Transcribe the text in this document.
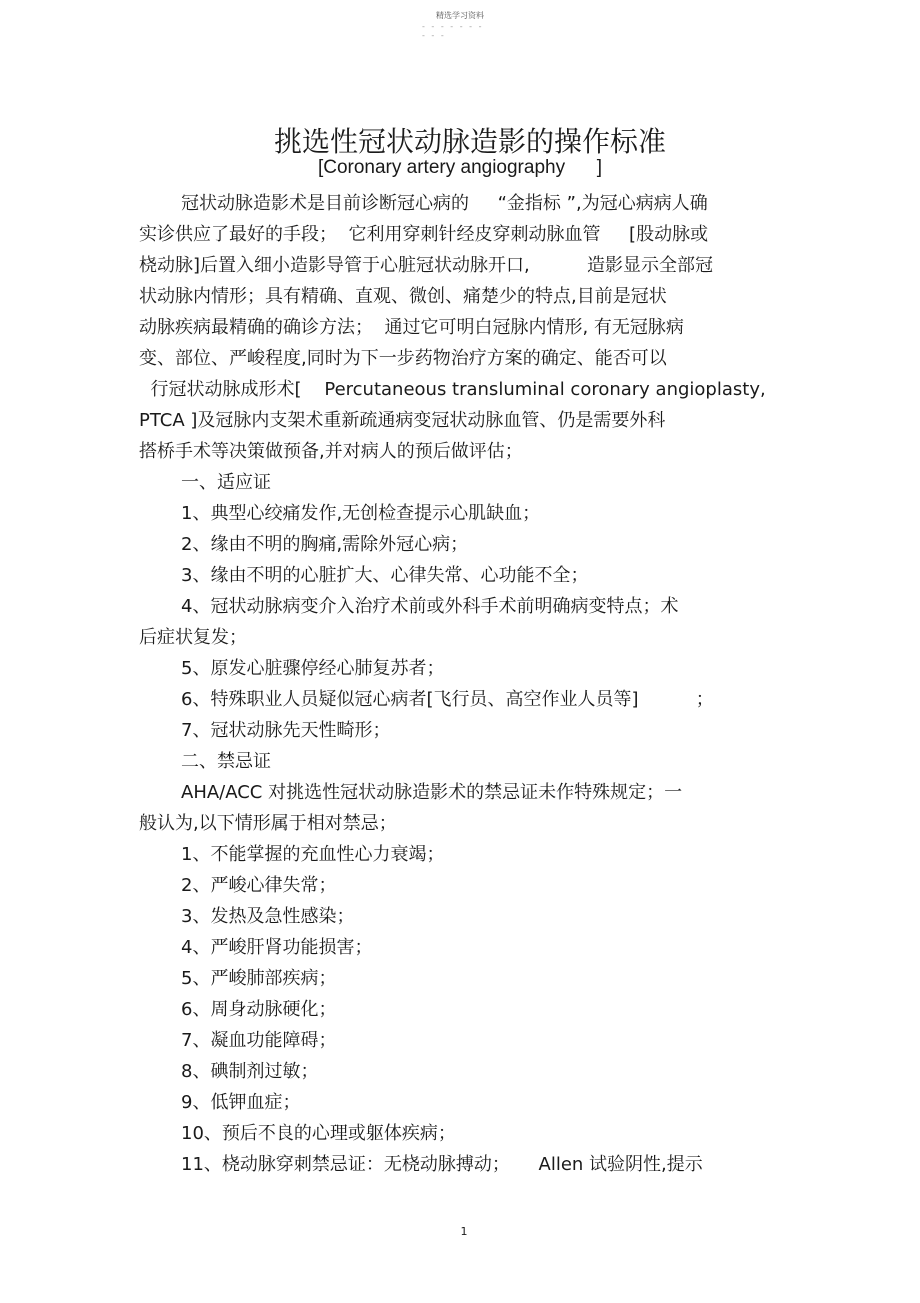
精选学习资料
- - - - - - -
- - -
挑选性冠状动脉造影的操作标准
[Coronary artery angiography      ]
冠状动脉造影术是目前诊断冠心病的     “金指标 ”,为冠心病病人确
实诊供应了最好的手段；  它利用穿刺针经皮穿刺动脉血管     [股动脉或
桡动脉]后置入细小造影导管于心脏冠状动脉开口,          造影显示全部冠
状动脉内情形；具有精确、直观、微创、痛楚少的特点,目前是冠状
动脉疾病最精确的确诊方法；  通过它可明白冠脉内情形, 有无冠脉病
变、部位、严峻程度,同时为下一步药物治疗方案的确定、能否可以
行冠状动脉成形术[    Percutaneous transluminal coronary angioplasty,
PTCA ]及冠脉内支架术重新疏通病变冠状动脉血管、仍是需要外科
搭桥手术等决策做预备,并对病人的预后做评估；
一、适应证
1、典型心绞痛发作,无创检查提示心肌缺血；
2、缘由不明的胸痛,需除外冠心病；
3、缘由不明的心脏扩大、心律失常、心功能不全；
4、冠状动脉病变介入治疗术前或外科手术前明确病变特点；术
后症状复发；
5、原发心脏骤停经心肺复苏者；
6、特殊职业人员疑似冠心病者[飞行员、高空作业人员等]          ；
7、冠状动脉先天性畸形；
二、禁忌证
AHA/ACC 对挑选性冠状动脉造影术的禁忌证未作特殊规定；一
般认为,以下情形属于相对禁忌；
1、不能掌握的充血性心力衰竭；
2、严峻心律失常；
3、发热及急性感染；
4、严峻肝肾功能损害；
5、严峻肺部疾病；
6、周身动脉硬化；
7、凝血功能障碍；
8、碘制剂过敏；
9、低钾血症；
10、预后不良的心理或躯体疾病；
11、桡动脉穿刺禁忌证：无桡动脉搏动；     Allen 试验阴性,提示
1
